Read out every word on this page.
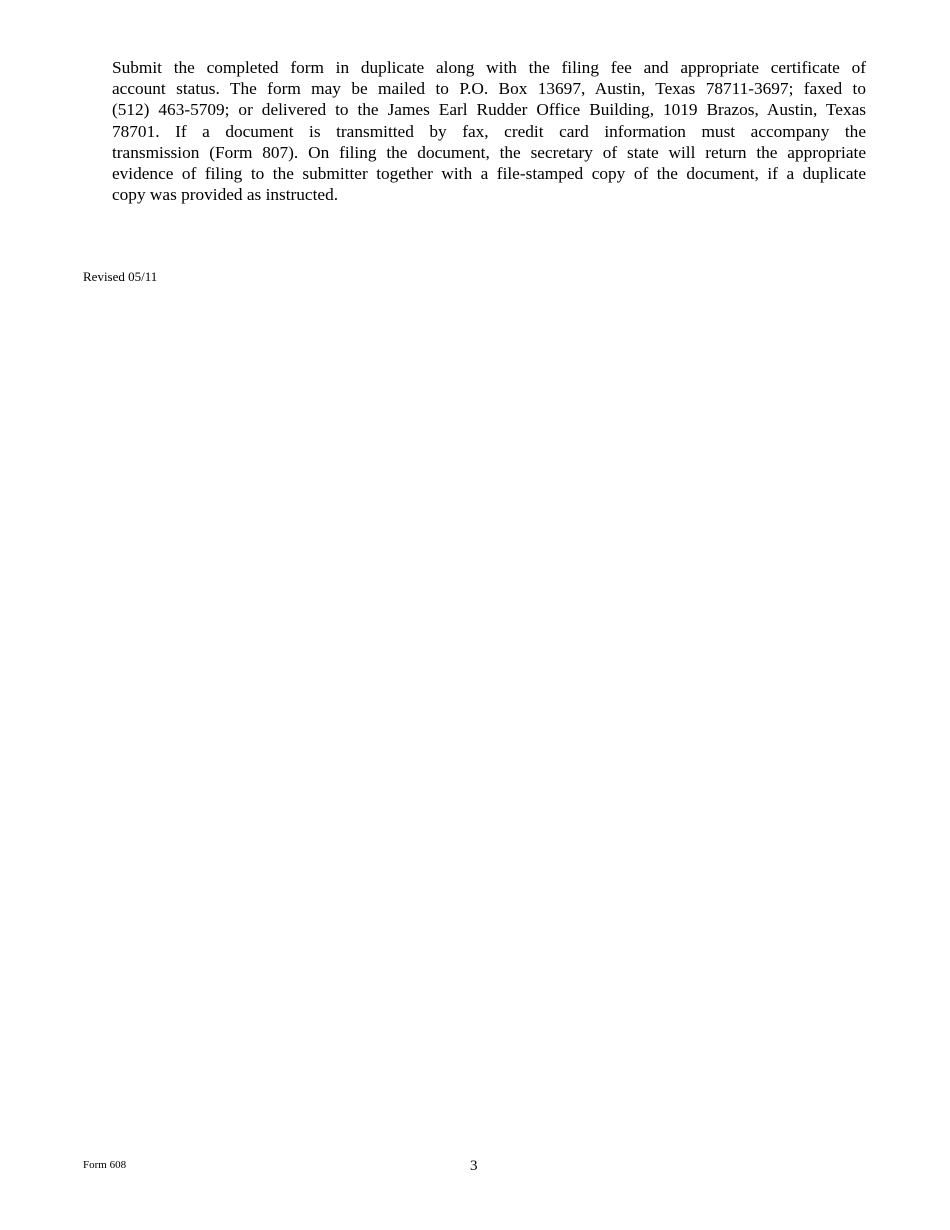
Submit the completed form in duplicate along with the filing fee and appropriate certificate of
account status. The form may be mailed to P.O. Box 13697, Austin, Texas 78711-3697; faxed to
(512) 463-5709; or delivered to the James Earl Rudder Office Building, 1019 Brazos, Austin, Texas
78701. If a document is transmitted by fax, credit card information must accompany the
transmission (Form 807). On filing the document, the secretary of state will return the appropriate
evidence of filing to the submitter together with a file-stamped copy of the document, if a duplicate
copy was provided as instructed.
Revised 05/11
Form 608	3
